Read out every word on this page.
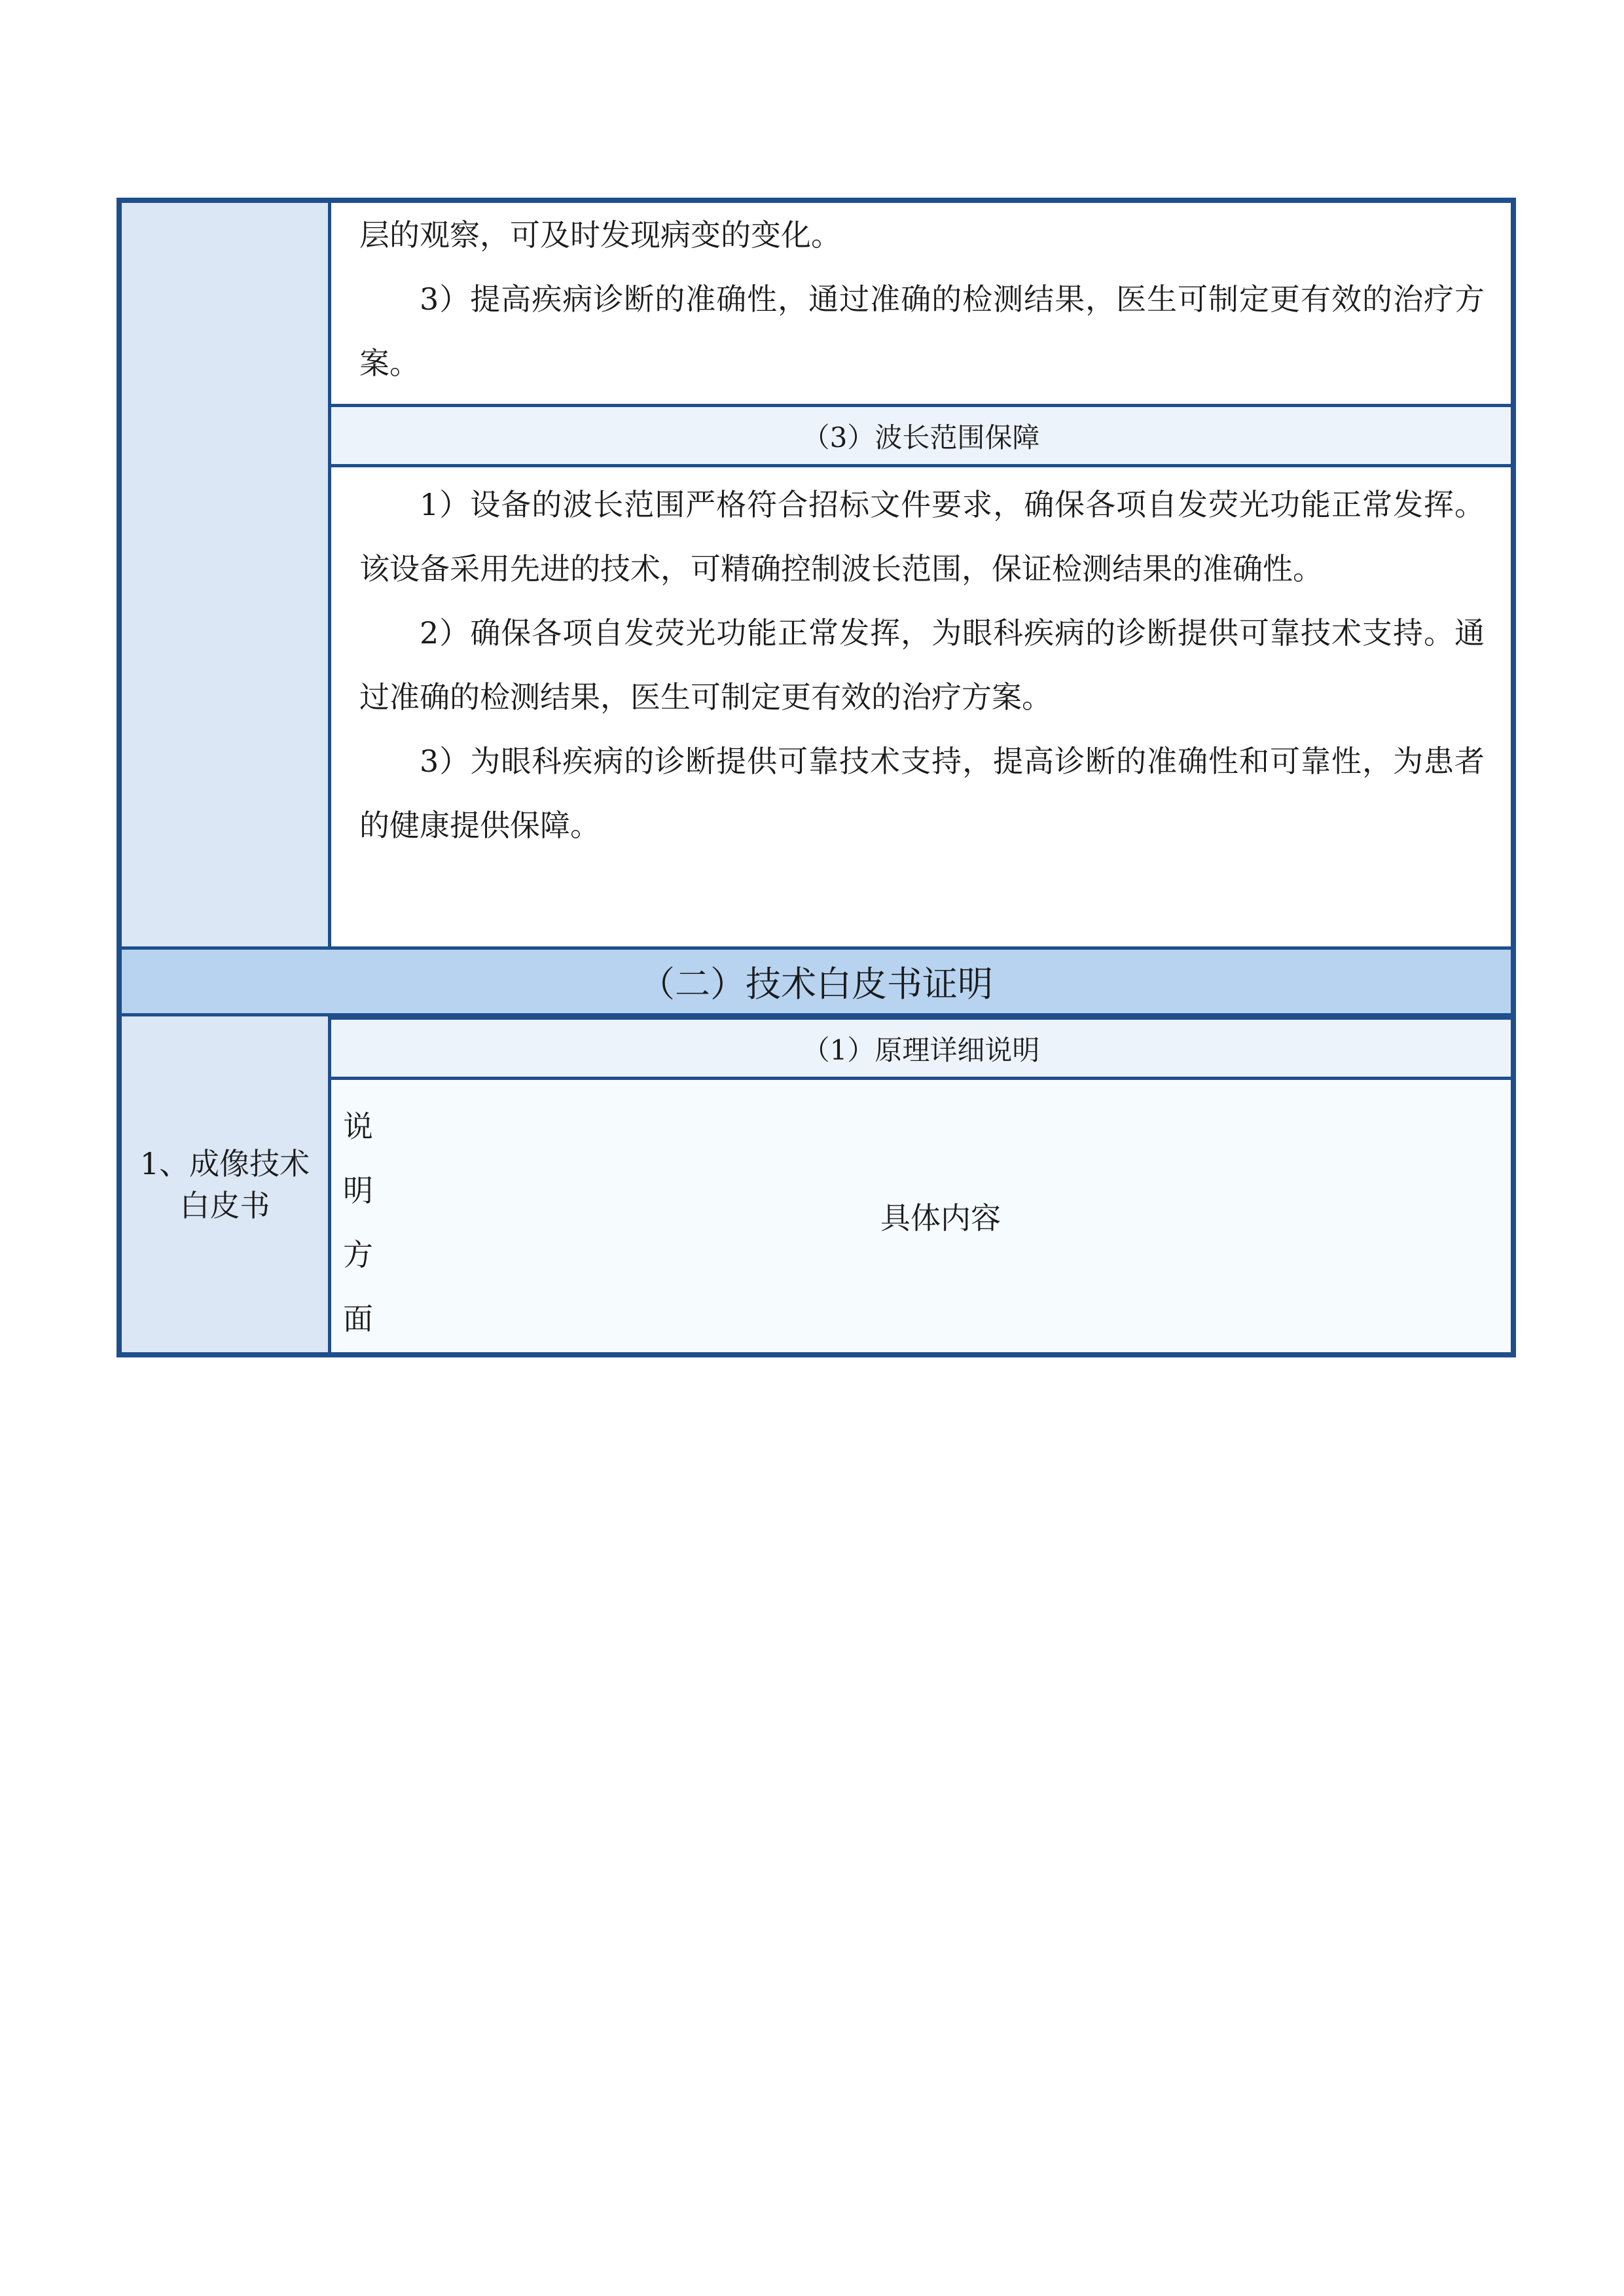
层的观察，可及时发现病变的变化。

3）提高疾病诊断的准确性，通过准确的检测结果，医生可制定更有效的治疗方案。

（3）波长范围保障

1）设备的波长范围严格符合招标文件要求，确保各项自发荧光功能正常发挥。该设备采用先进的技术，可精确控制波长范围，保证检测结果的准确性。

2）确保各项自发荧光功能正常发挥，为眼科疾病的诊断提供可靠技术支持。通过准确的检测结果，医生可制定更有效的治疗方案。

3）为眼科疾病的诊断提供可靠技术支持，提高诊断的准确性和可靠性，为患者的健康提供保障。

（二）技术白皮书证明
1、成像技术白皮书
（1）原理详细说明
说
明
方
面
具体内容
